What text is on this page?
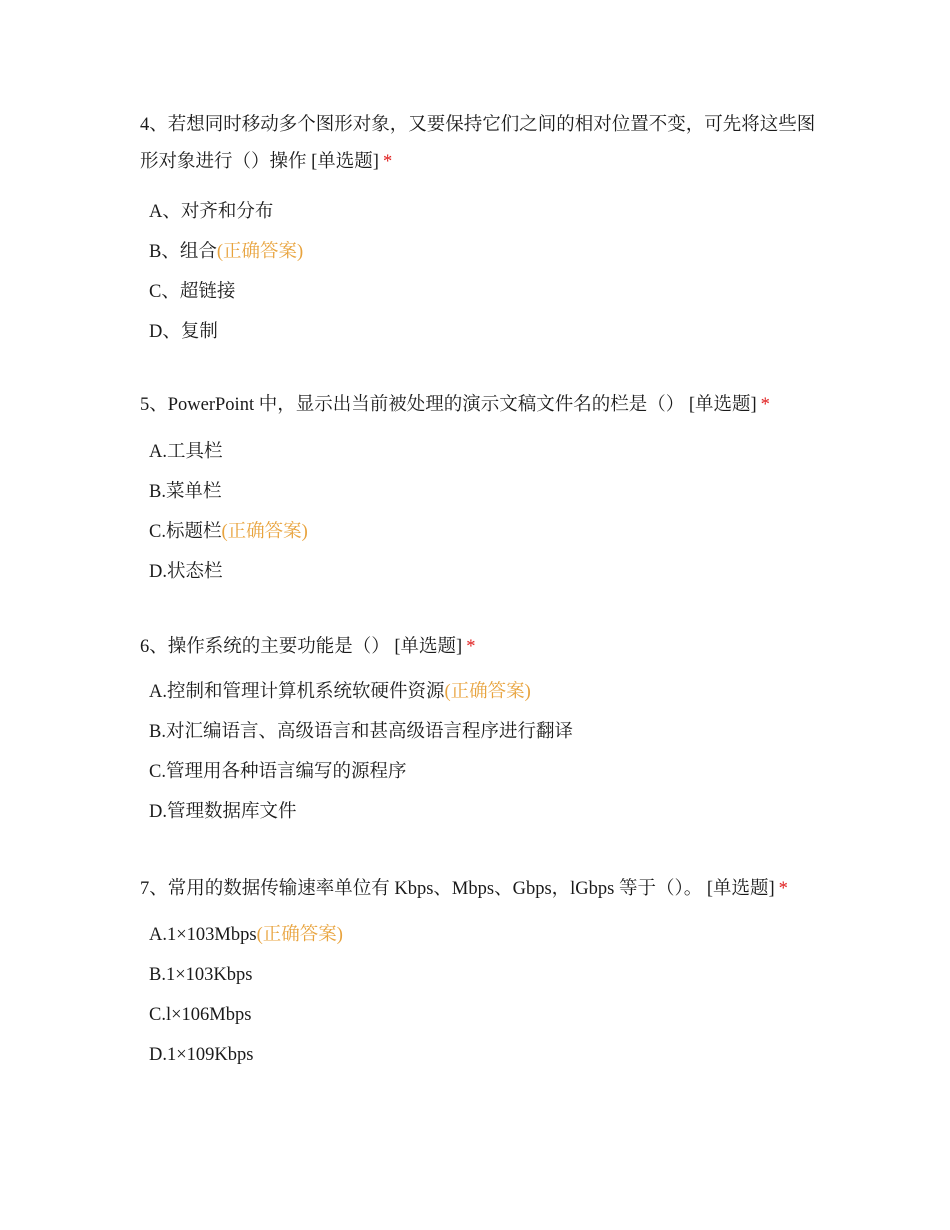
4、若想同时移动多个图形对象，又要保持它们之间的相对位置不变，可先将这些图形对象进行（）操作 [单选题] *

A、对齐和分布
B、组合(正确答案)
C、超链接
D、复制

5、PowerPoint 中，显示出当前被处理的演示文稿文件名的栏是（） [单选题] *

A.工具栏
B.菜单栏
C.标题栏(正确答案)
D.状态栏

6、操作系统的主要功能是（） [单选题] *

A.控制和管理计算机系统软硬件资源(正确答案)
B.对汇编语言、高级语言和甚高级语言程序进行翻译
C.管理用各种语言编写的源程序
D.管理数据库文件

7、常用的数据传输速率单位有 Kbps、Mbps、Gbps，lGbps 等于（）。 [单选题] *

A.1×103Mbps(正确答案)
B.1×103Kbps
C.l×106Mbps
D.1×109Kbps
